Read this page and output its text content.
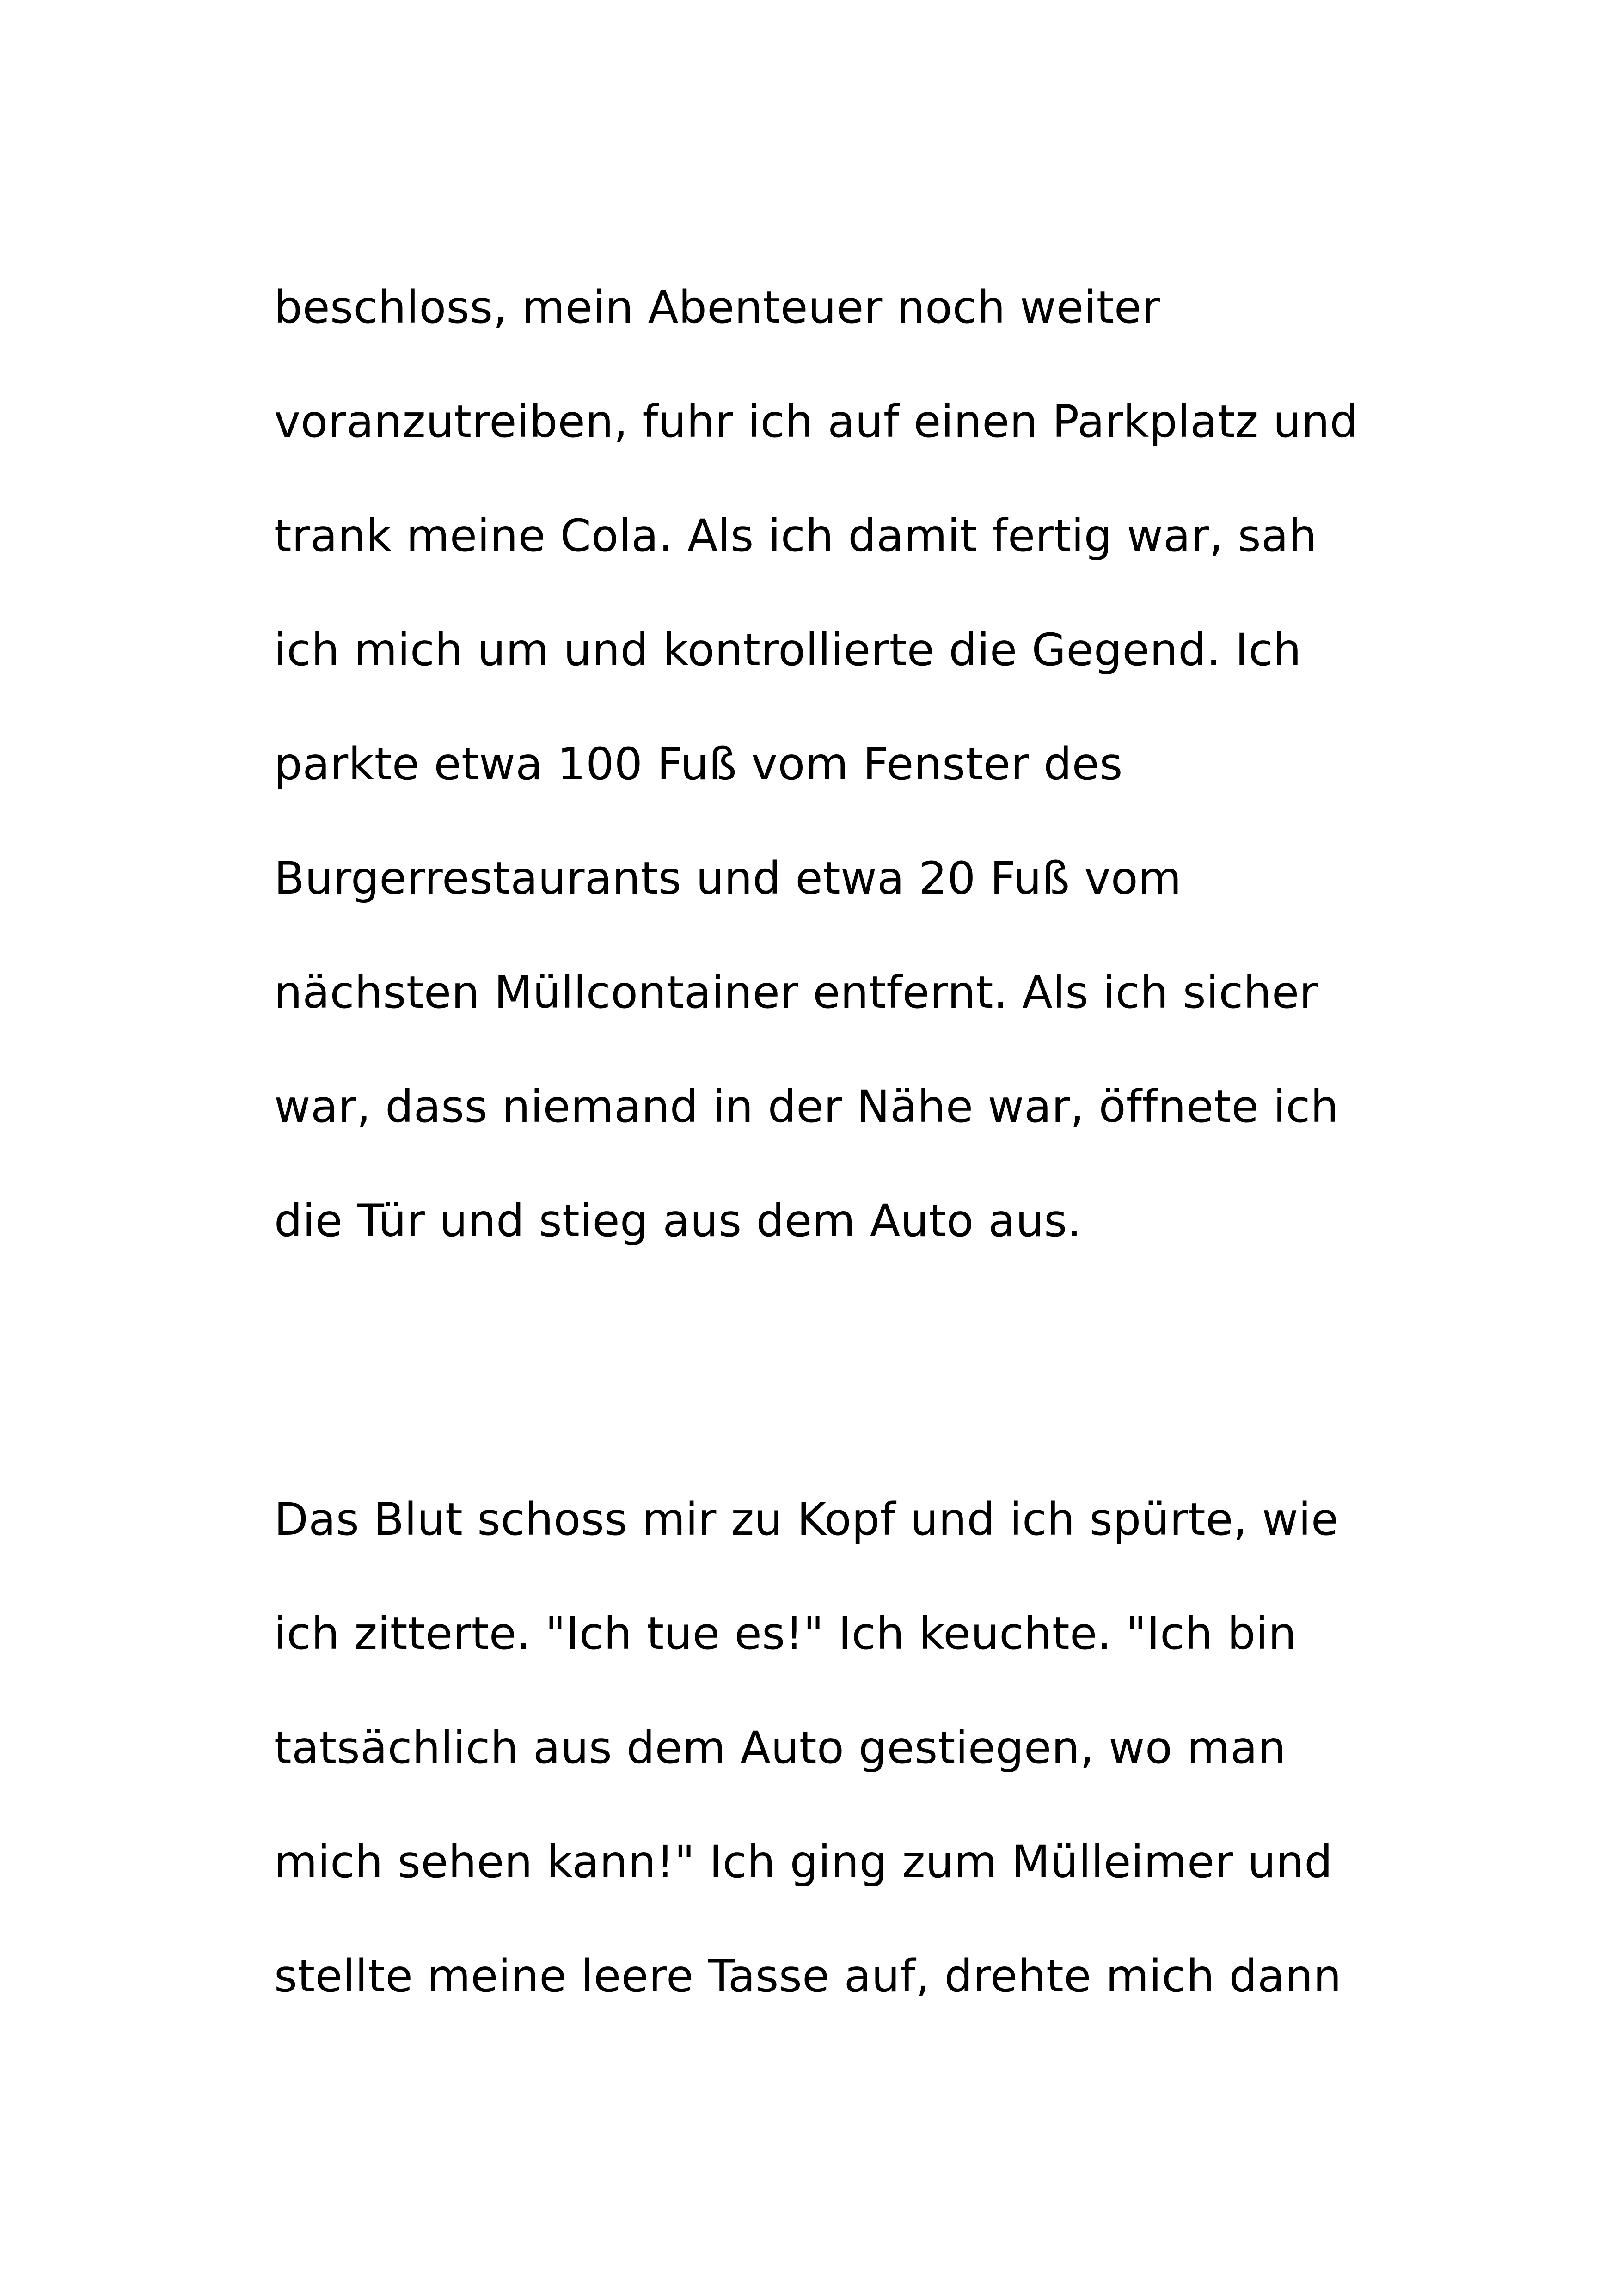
beschloss, mein Abenteuer noch weiter

voranzutreiben, fuhr ich auf einen Parkplatz und

trank meine Cola. Als ich damit fertig war, sah

ich mich um und kontrollierte die Gegend. Ich

parkte etwa 100 Fuß vom Fenster des

Burgerrestaurants und etwa 20 Fuß vom

nächsten Müllcontainer entfernt. Als ich sicher

war, dass niemand in der Nähe war, öffnete ich

die Tür und stieg aus dem Auto aus.

Das Blut schoss mir zu Kopf und ich spürte, wie

ich zitterte. "Ich tue es!" Ich keuchte. "Ich bin

tatsächlich aus dem Auto gestiegen, wo man

mich sehen kann!" Ich ging zum Mülleimer und

stellte meine leere Tasse auf, drehte mich dann
